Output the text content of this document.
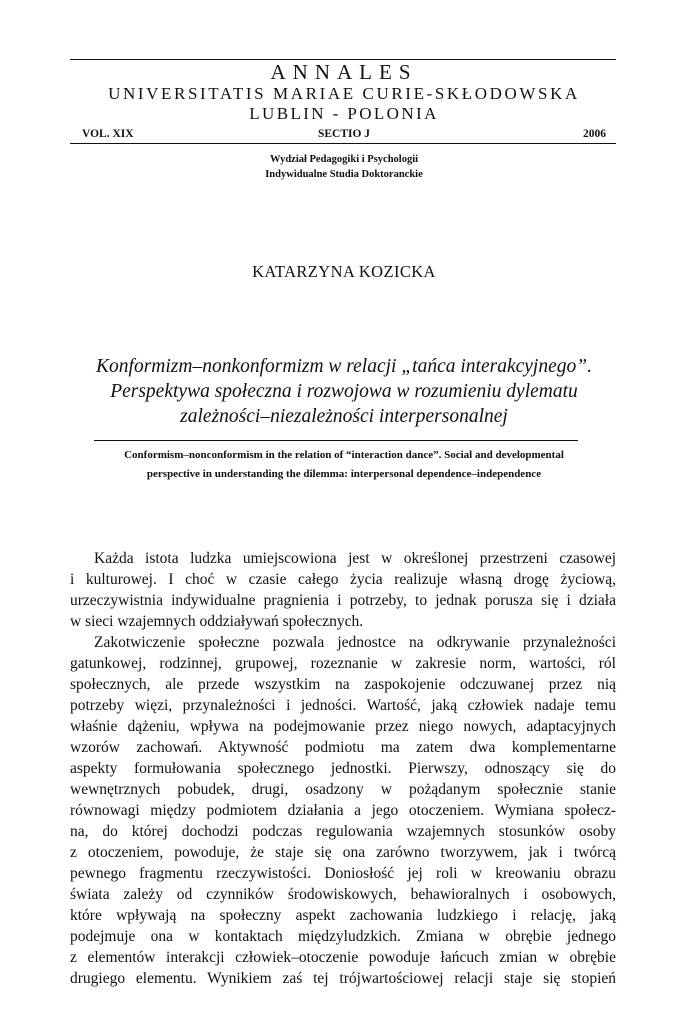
ANNALES
UNIVERSITATIS MARIAE CURIE-SKŁODOWSKA
LUBLIN - POLONIA
VOL. XIX	SECTIO J	2006
Wydział Pedagogiki i Psychologii
Indywidualne Studia Doktoranckie
KATARZYNA KOZICKA
Konformizm–nonkonformizm w relacji „tańca interakcyjnego”.
Perspektywa społeczna i rozwojowa w rozumieniu dylematu
zależności–niezależności interpersonalnej
Conformism–nonconformism in the relation of “interaction dance”. Social and developmental
perspective in understanding the dilemma: interpersonal dependence–independence
Każda istota ludzka umiejscowiona jest w określonej przestrzeni czasowej
i kulturowej. I choć w czasie całego życia realizuje własną drogę życiową,
urzeczywistnia indywidualne pragnienia i potrzeby, to jednak porusza się i działa
w sieci wzajemnych oddziaływań społecznych.
Zakotwiczenie społeczne pozwala jednostce na odkrywanie przynależności
gatunkowej, rodzinnej, grupowej, rozeznanie w zakresie norm, wartości, ról
społecznych, ale przede wszystkim na zaspokojenie odczuwanej przez nią
potrzeby więzi, przynależności i jedności. Wartość, jaką człowiek nadaje temu
właśnie dążeniu, wpływa na podejmowanie przez niego nowych, adaptacyjnych
wzorów zachowań. Aktywność podmiotu ma zatem dwa komplementarne
aspekty formułowania społecznego jednostki. Pierwszy, odnoszący się do
wewnętrznych pobudek, drugi, osadzony w pożądanym społecznie stanie
równowagi między podmiotem działania a jego otoczeniem. Wymiana społecz-
na, do której dochodzi podczas regulowania wzajemnych stosunków osoby
z otoczeniem, powoduje, że staje się ona zarówno tworzywem, jak i twórcą
pewnego fragmentu rzeczywistości. Doniosłość jej roli w kreowaniu obrazu
świata zależy od czynników środowiskowych, behawioralnych i osobowych,
które wpływają na społeczny aspekt zachowania ludzkiego i relację, jaką
podejmuje ona w kontaktach międzyludzkich. Zmiana w obrębie jednego
z elementów interakcji człowiek–otoczenie powoduje łańcuch zmian w obrębie
drugiego elementu. Wynikiem zaś tej trójwartościowej relacji staje się stopień
